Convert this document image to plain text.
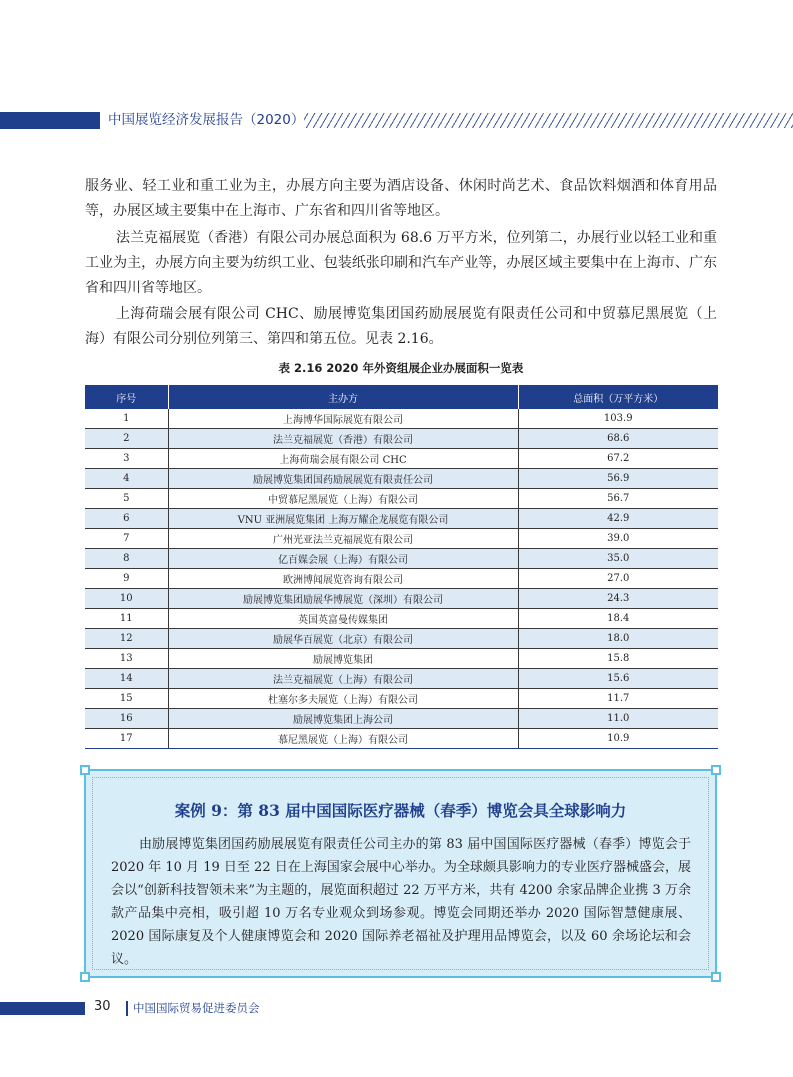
中国展览经济发展报告（2020）

服务业、轻工业和重工业为主，办展方向主要为酒店设备、休闲时尚艺术、食品饮料烟酒和体育用品等，办展区域主要集中在上海市、广东省和四川省等地区。

法兰克福展览（香港）有限公司办展总面积为 68.6 万平方米，位列第二，办展行业以轻工业和重工业为主，办展方向主要为纺织工业、包装纸张印刷和汽车产业等，办展区域主要集中在上海市、广东省和四川省等地区。

上海荷瑞会展有限公司 CHC、励展博览集团国药励展展览有限责任公司和中贸慕尼黑展览（上海）有限公司分别位列第三、第四和第五位。见表 2.16。

表 2.16 2020 年外资组展企业办展面积一览表
序号	主办方	总面积（万平方米）
1	上海博华国际展览有限公司	103.9
2	法兰克福展览（香港）有限公司	68.6
3	上海荷瑞会展有限公司 CHC	67.2
4	励展博览集团国药励展展览有限责任公司	56.9
5	中贸慕尼黑展览（上海）有限公司	56.7
6	VNU 亚洲展览集团 上海万耀企龙展览有限公司	42.9
7	广州光亚法兰克福展览有限公司	39.0
8	亿百媒会展（上海）有限公司	35.0
9	欧洲博闻展览咨询有限公司	27.0
10	励展博览集团励展华博展览（深圳）有限公司	24.3
11	英国英富曼传媒集团	18.4
12	励展华百展览（北京）有限公司	18.0
13	励展博览集团	15.8
14	法兰克福展览（上海）有限公司	15.6
15	杜塞尔多夫展览（上海）有限公司	11.7
16	励展博览集团上海公司	11.0
17	慕尼黑展览（上海）有限公司	10.9
案例 9：第 83 届中国国际医疗器械（春季）博览会具全球影响力

由励展博览集团国药励展展览有限责任公司主办的第 83 届中国国际医疗器械（春季）博览会于 2020 年 10 月 19 日至 22 日在上海国家会展中心举办。为全球颇具影响力的专业医疗器械盛会，展会以“创新科技智领未来”为主题的，展览面积超过 22 万平方米，共有 4200 余家品牌企业携 3 万余款产品集中亮相，吸引超 10 万名专业观众到场参观。博览会同期还举办 2020 国际智慧健康展、2020 国际康复及个人健康博览会和 2020 国际养老福祉及护理用品博览会，以及 60 余场论坛和会议。

30 中国国际贸易促进委员会
